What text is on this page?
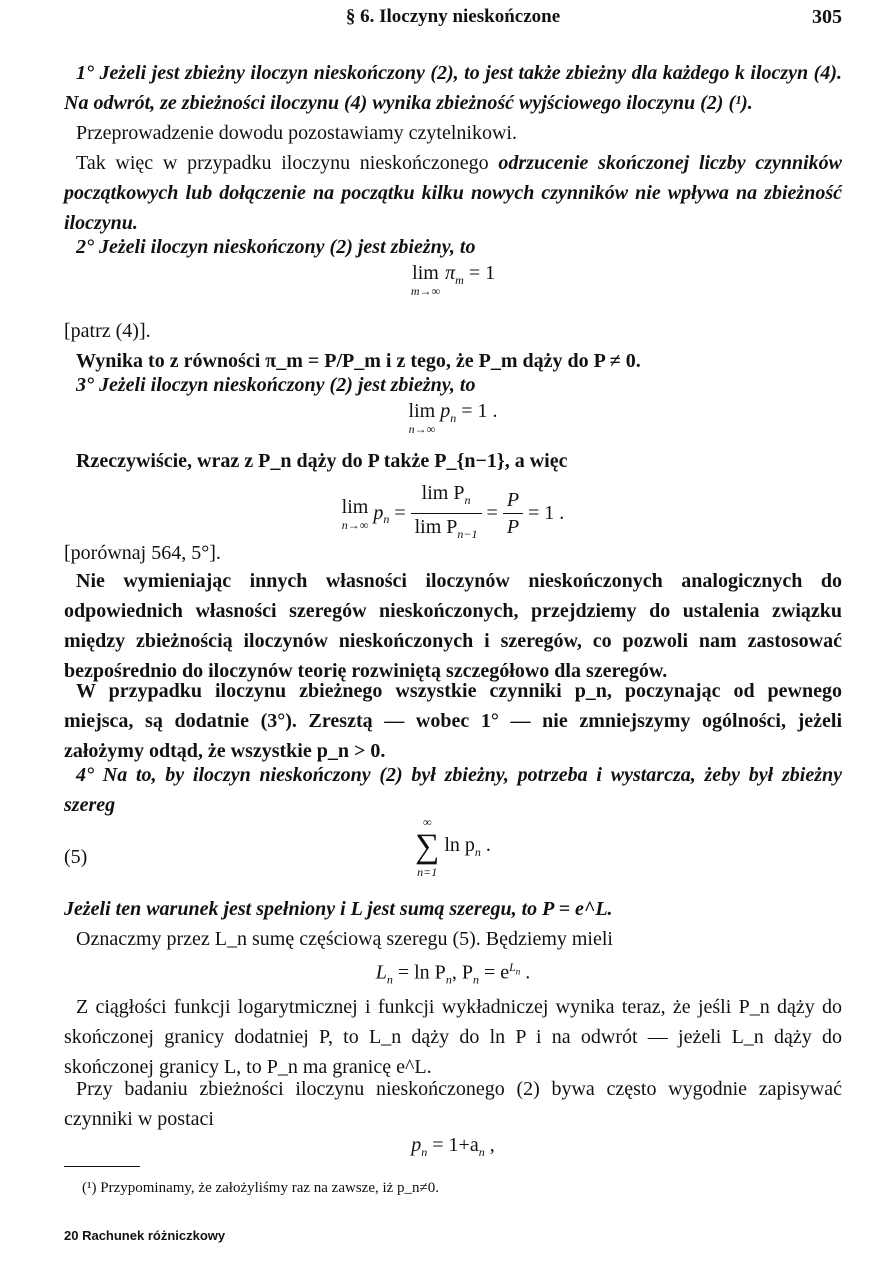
§ 6. Iloczyny nieskończone	305
1° Jeżeli jest zbieżny iloczyn nieskończony (2), to jest także zbieżny dla każdego k iloczyn (4). Na odwrót, ze zbieżności iloczynu (4) wynika zbieżność wyjściowego iloczynu (2) (¹).
Przeprowadzenie dowodu pozostawiamy czytelnikowi.
Tak więc w przypadku iloczynu nieskończonego odrzucenie skończonej liczby czynników początkowych lub dołączenie na początku kilku nowych czynników nie wpływa na zbieżność iloczynu.
2° Jeżeli iloczyn nieskończony (2) jest zbieżny, to
lim
m→∞
$\pi_m = 1$
[patrz (4)].
Wynika to z równości π_m = P/P_m i z tego, że P_m dąży do P ≠ 0.
3° Jeżeli iloczyn nieskończony (2) jest zbieżny, to
lim
n→∞
$p_n = 1$ .
Rzeczywiście, wraz z P_n dąży do P także P_{n−1}, a więc
lim
n→∞
$p_n = \frac{\lim P_n}{\lim P_{n-1}} = \frac{P}{P} = 1$ .
[porównaj 564, 5°].
Nie wymieniając innych własności iloczynów nieskończonych analogicznych do odpowiednich własności szeregów nieskończonych, przejdziemy do ustalenia związku między zbieżnością iloczynów nieskończonych i szeregów, co pozwoli nam zastosować bezpośrednio do iloczynów teorię rozwiniętą szczegółowo dla szeregów.
W przypadku iloczynu zbieżnego wszystkie czynniki p_n, poczynając od pewnego miejsca, są dodatnie (3°). Zresztą — wobec 1° — nie zmniejszymy ogólności, jeżeli założymy odtąd, że wszystkie p_n > 0.
4° Na to, by iloczyn nieskończony (2) był zbieżny, potrzeba i wystarcza, żeby był zbieżny szereg
(5)
∞
∑
n=1
$\ln p_n$ .
Jeżeli ten warunek jest spełniony i L jest sumą szeregu, to P = e^L.
Oznaczmy przez L_n sumę częściową szeregu (5). Będziemy mieli
$L_n = \ln P_n$, $P_n = e^{L_n}$ .
Z ciągłości funkcji logarytmicznej i funkcji wykładniczej wynika teraz, że jeśli P_n dąży do skończonej granicy dodatniej P, to L_n dąży do ln P i na odwrót — jeżeli L_n dąży do skończonej granicy L, to P_n ma granicę e^L.
Przy badaniu zbieżności iloczynu nieskończonego (2) bywa często wygodnie zapisywać czynniki w postaci
$p_n = 1+a_n$ ,
(¹) Przypominamy, że założyliśmy raz na zawsze, iż p_n≠0.
20 Rachunek różniczkowy
